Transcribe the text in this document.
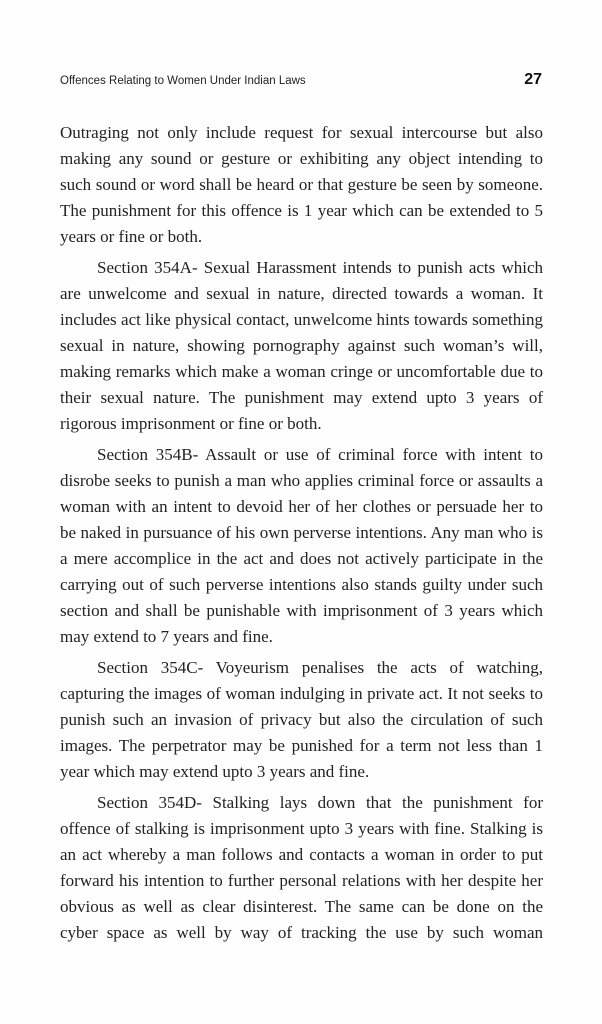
Offences Relating to Women Under Indian Laws	27

Outraging not only include request for sexual intercourse but also making any sound or gesture or exhibiting any object intending to such sound or word shall be heard or that gesture be seen by someone. The punishment for this offence is 1 year which can be extended to 5 years or fine or both.

Section 354A- Sexual Harassment intends to punish acts which are unwelcome and sexual in nature, directed towards a woman. It includes act like physical contact, unwelcome hints towards something sexual in nature, showing pornography against such woman’s will, making remarks which make a woman cringe or uncomfortable due to their sexual nature. The punishment may extend upto 3 years of rigorous imprisonment or fine or both.

Section 354B- Assault or use of criminal force with intent to disrobe seeks to punish a man who applies criminal force or assaults a woman with an intent to devoid her of her clothes or persuade her to be naked in pursuance of his own perverse intentions. Any man who is a mere accomplice in the act and does not actively participate in the carrying out of such perverse intentions also stands guilty under such section and shall be punishable with imprisonment of 3 years which may extend to 7 years and fine.

Section 354C- Voyeurism penalises the acts of watching, capturing the images of woman indulging in private act. It not seeks to punish such an invasion of privacy but also the circulation of such images. The perpetrator may be punished for a term not less than 1 year which may extend upto 3 years and fine.

Section 354D- Stalking lays down that the punishment for offence of stalking is imprisonment upto 3 years with fine. Stalking is an act whereby a man follows and contacts a woman in order to put forward his intention to further personal relations with her despite her obvious as well as clear disinterest. The same can be done on the cyber space as well by way of tracking the use by such woman
